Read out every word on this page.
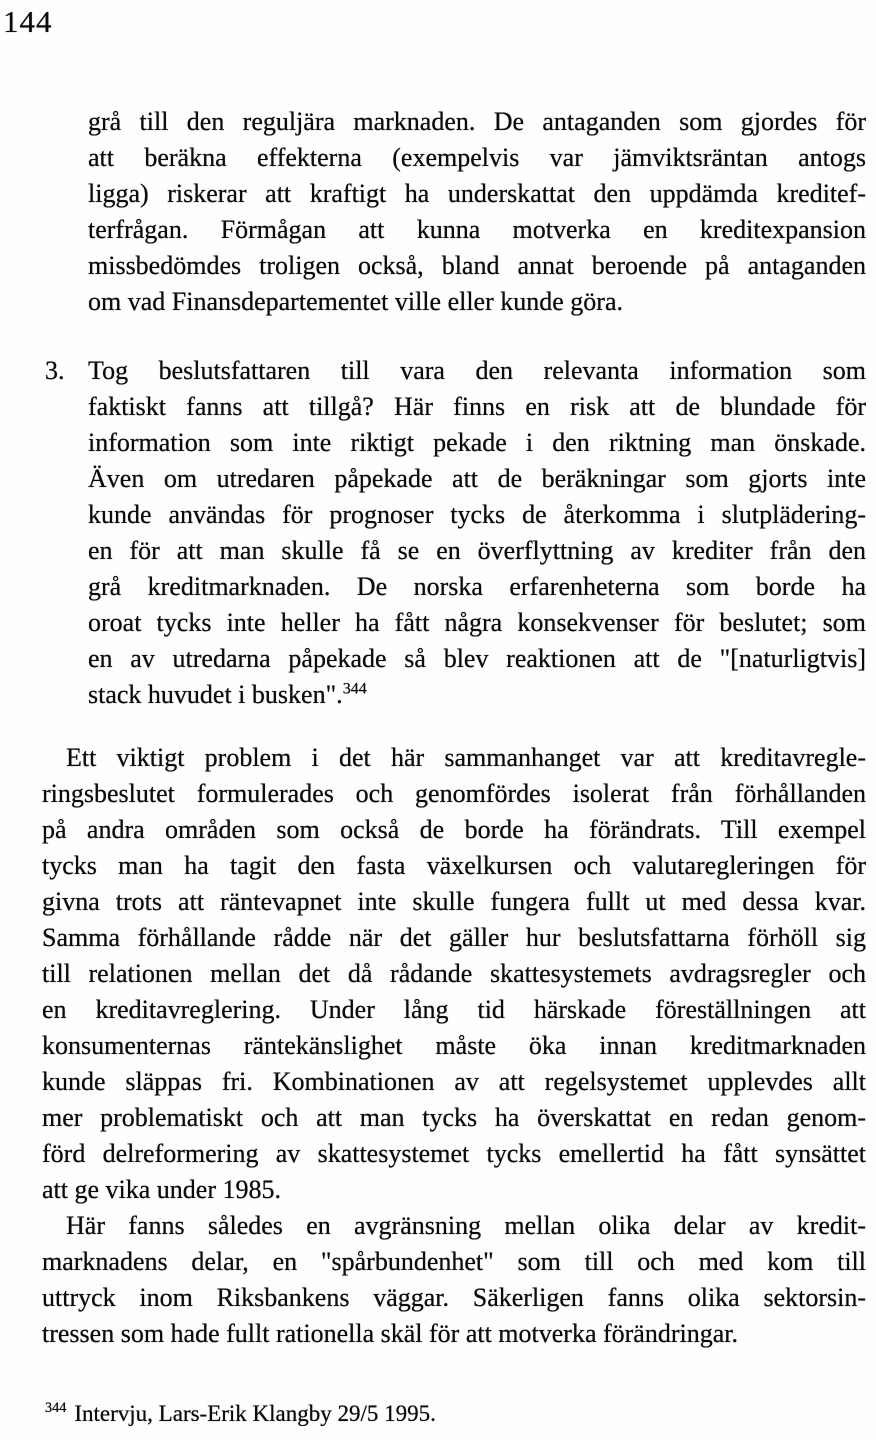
144
grå till den reguljära marknaden. De antaganden som gjordes för
att beräkna effekterna (exempelvis var jämviktsräntan antogs
ligga) riskerar att kraftigt ha underskattat den uppdämda kreditef-
terfrågan. Förmågan att kunna motverka en kreditexpansion
missbedömdes troligen också, bland annat beroende på antaganden
om vad Finansdepartementet ville eller kunde göra.
3. Tog beslutsfattaren till vara den relevanta information som
faktiskt fanns att tillgå? Här finns en risk att de blundade för
information som inte riktigt pekade i den riktning man önskade.
Även om utredaren påpekade att de beräkningar som gjorts inte
kunde användas för prognoser tycks de återkomma i slutplädering-
en för att man skulle få se en överflyttning av krediter från den
grå kreditmarknaden. De norska erfarenheterna som borde ha
oroat tycks inte heller ha fått några konsekvenser för beslutet; som
en av utredarna påpekade så blev reaktionen att de "[naturligtvis]
stack huvudet i busken".$^{344}$
Ett viktigt problem i det här sammanhanget var att kreditavregle-
ringsbeslutet formulerades och genomfördes isolerat från förhållanden
på andra områden som också de borde ha förändrats. Till exempel
tycks man ha tagit den fasta växelkursen och valutaregleringen för
givna trots att räntevapnet inte skulle fungera fullt ut med dessa kvar.
Samma förhållande rådde när det gäller hur beslutsfattarna förhöll sig
till relationen mellan det då rådande skattesystemets avdragsregler och
en kreditavreglering. Under lång tid härskade föreställningen att
konsumenternas räntekänslighet måste öka innan kreditmarknaden
kunde släppas fri. Kombinationen av att regelsystemet upplevdes allt
mer problematiskt och att man tycks ha överskattat en redan genom-
förd delreformering av skattesystemet tycks emellertid ha fått synsättet
att ge vika under 1985.
Här fanns således en avgränsning mellan olika delar av kredit-
marknadens delar, en "spårbundenhet" som till och med kom till
uttryck inom Riksbankens väggar. Säkerligen fanns olika sektorsin-
tressen som hade fullt rationella skäl för att motverka förändringar.
$^{344}$ Intervju, Lars-Erik Klangby 29/5 1995.
